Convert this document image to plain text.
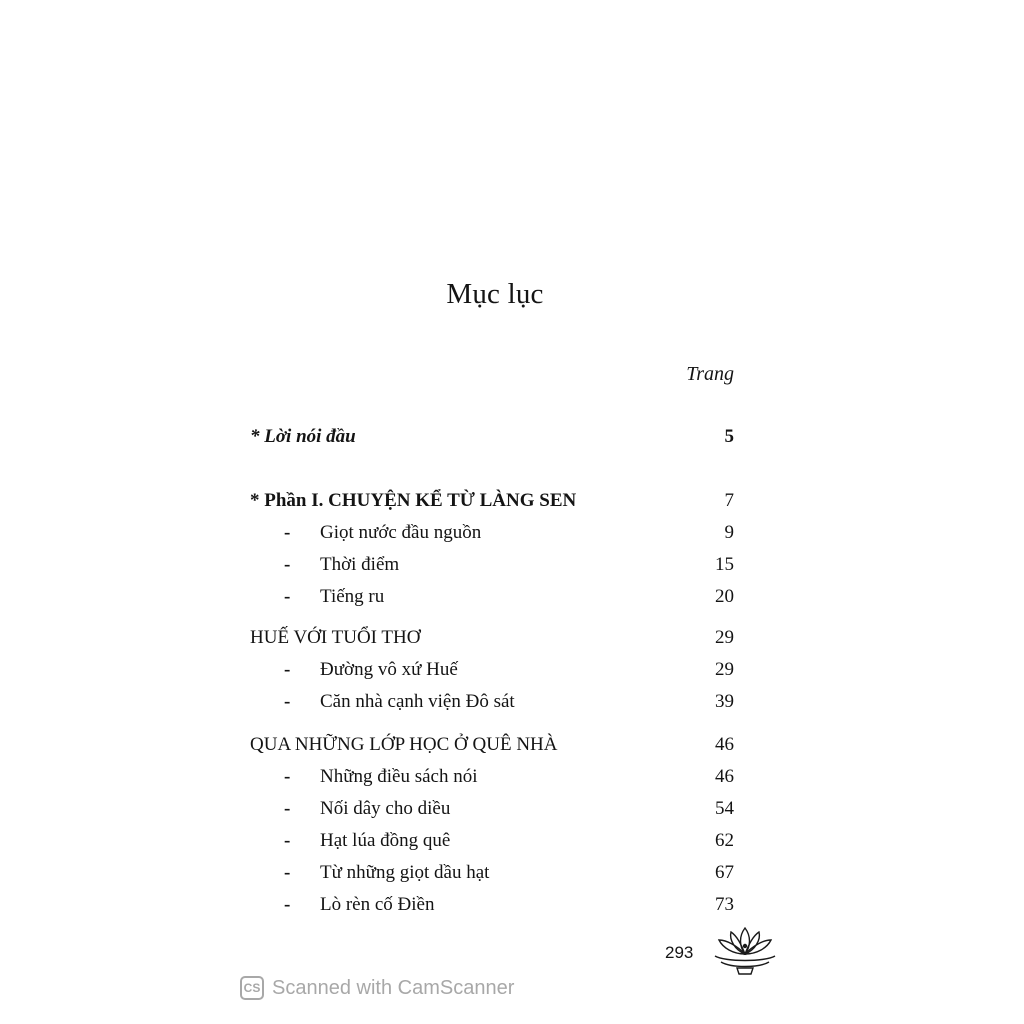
Mục lục
Trang
* Lời nói đầu	5
* Phần I. CHUYỆN KỂ TỪ LÀNG SEN	7
-	Giọt nước đầu nguồn	9
-	Thời điểm	15
-	Tiếng ru	20
HUẾ VỚI TUỔI THƠ	29
-	Đường vô xứ Huế	29
-	Căn nhà cạnh viện Đô sát	39
QUA NHỮNG LỚP HỌC Ở QUÊ NHÀ	46
-	Những điều sách nói	46
-	Nối dây cho diều	54
-	Hạt lúa đồng quê	62
-	Từ những giọt dầu hạt	67
-	Lò rèn cố Điền	73
293
CS Scanned with CamScanner
